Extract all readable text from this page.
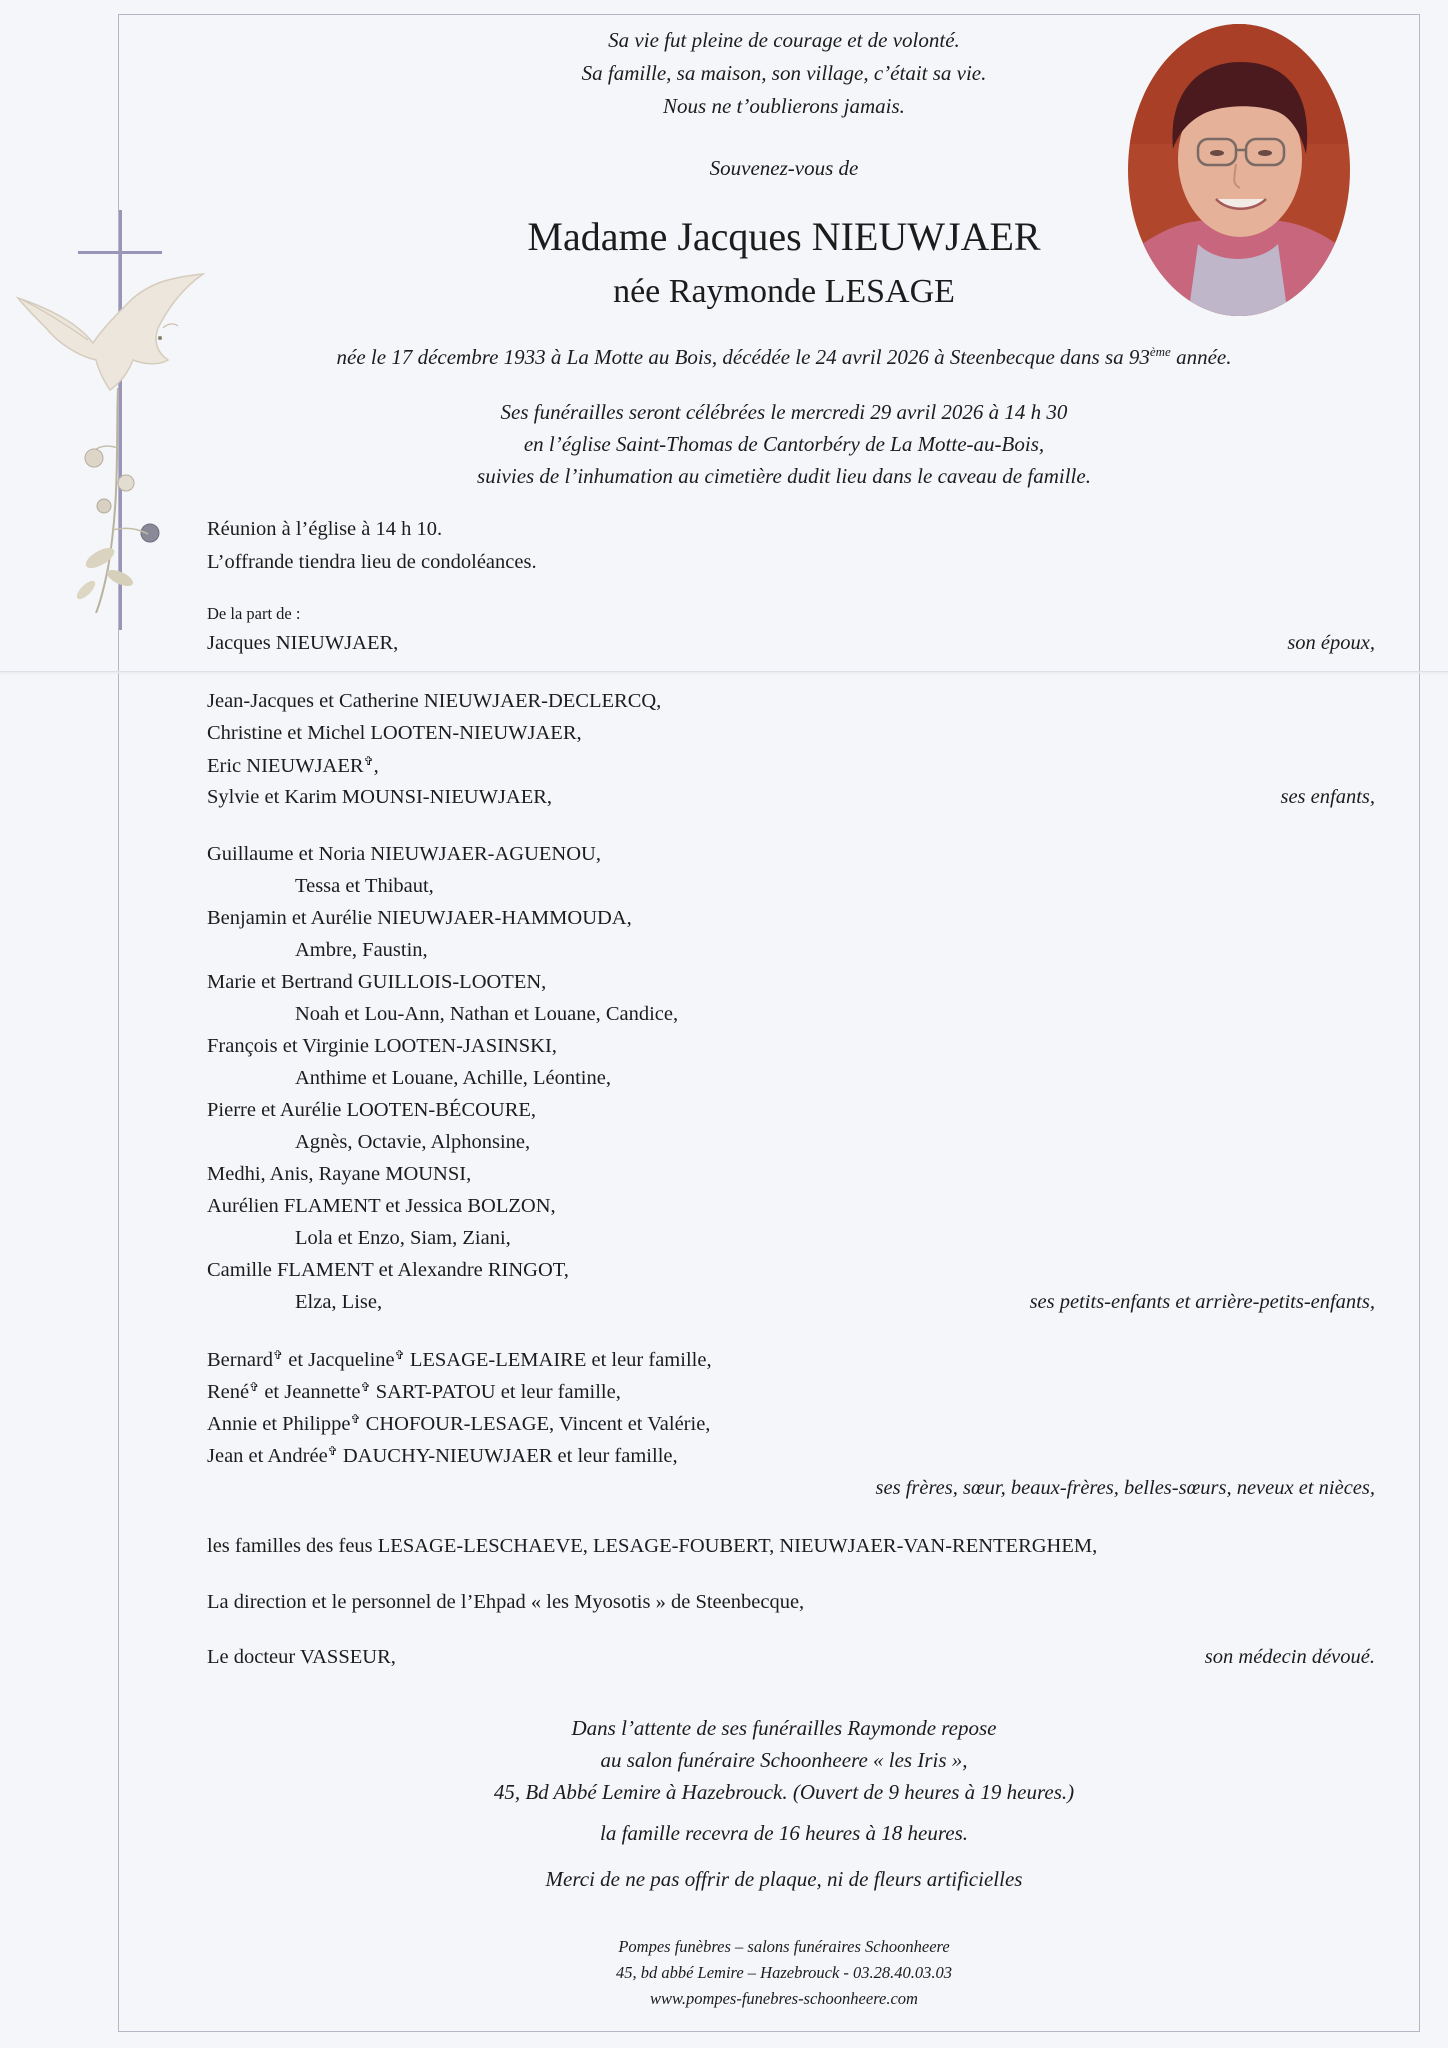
Sa vie fut pleine de courage et de volonté.
Sa famille, sa maison, son village, c’était sa vie.
Nous ne t’oublierons jamais.
Souvenez-vous de
Madame Jacques NIEUWJAER
née Raymonde LESAGE
née le 17 décembre 1933 à La Motte au Bois, décédée le 24 avril 2026 à Steenbecque dans sa 93ème année.
Ses funérailles seront célébrées le mercredi 29 avril 2026 à 14 h 30
en l’église Saint-Thomas de Cantorbéry de La Motte-au-Bois,
suivies de l’inhumation au cimetière dudit lieu dans le caveau de famille.
Réunion à l’église à 14 h 10.
L’offrande tiendra lieu de condoléances.
De la part de :
Jacques NIEUWJAER,	son époux,
Jean-Jacques et Catherine NIEUWJAER-DECLERCQ,
Christine et Michel LOOTEN-NIEUWJAER,
Eric NIEUWJAER✞,
Sylvie et Karim MOUNSI-NIEUWJAER,	ses enfants,
Guillaume et Noria NIEUWJAER-AGUENOU,
Tessa et Thibaut,
Benjamin et Aurélie NIEUWJAER-HAMMOUDA,
Ambre, Faustin,
Marie et Bertrand GUILLOIS-LOOTEN,
Noah et Lou-Ann, Nathan et Louane, Candice,
François et Virginie LOOTEN-JASINSKI,
Anthime et Louane, Achille, Léontine,
Pierre et Aurélie LOOTEN-BÉCOURE,
Agnès, Octavie, Alphonsine,
Medhi, Anis, Rayane MOUNSI,
Aurélien FLAMENT et Jessica BOLZON,
Lola et Enzo, Siam, Ziani,
Camille FLAMENT et Alexandre RINGOT,
Elza, Lise,	ses petits-enfants et arrière-petits-enfants,
Bernard✞ et Jacqueline✞ LESAGE-LEMAIRE et leur famille,
René✞ et Jeannette✞ SART-PATOU et leur famille,
Annie et Philippe✞ CHOFOUR-LESAGE, Vincent et Valérie,
Jean et Andrée✞ DAUCHY-NIEUWJAER et leur famille,
ses frères, sœur, beaux-frères, belles-sœurs, neveux et nièces,
les familles des feus LESAGE-LESCHAEVE, LESAGE-FOUBERT, NIEUWJAER-VAN-RENTERGHEM,
La direction et le personnel de l’Ehpad « les Myosotis » de Steenbecque,
Le docteur VASSEUR,	son médecin dévoué.
Dans l’attente de ses funérailles Raymonde repose
au salon funéraire Schoonheere « les Iris »,
45, Bd Abbé Lemire à Hazebrouck. (Ouvert de 9 heures à 19 heures.)
la famille recevra de 16 heures à 18 heures.
Merci de ne pas offrir de plaque, ni de fleurs artificielles
Pompes funèbres – salons funéraires Schoonheere
45, bd abbé Lemire – Hazebrouck - 03.28.40.03.03
www.pompes-funebres-schoonheere.com
